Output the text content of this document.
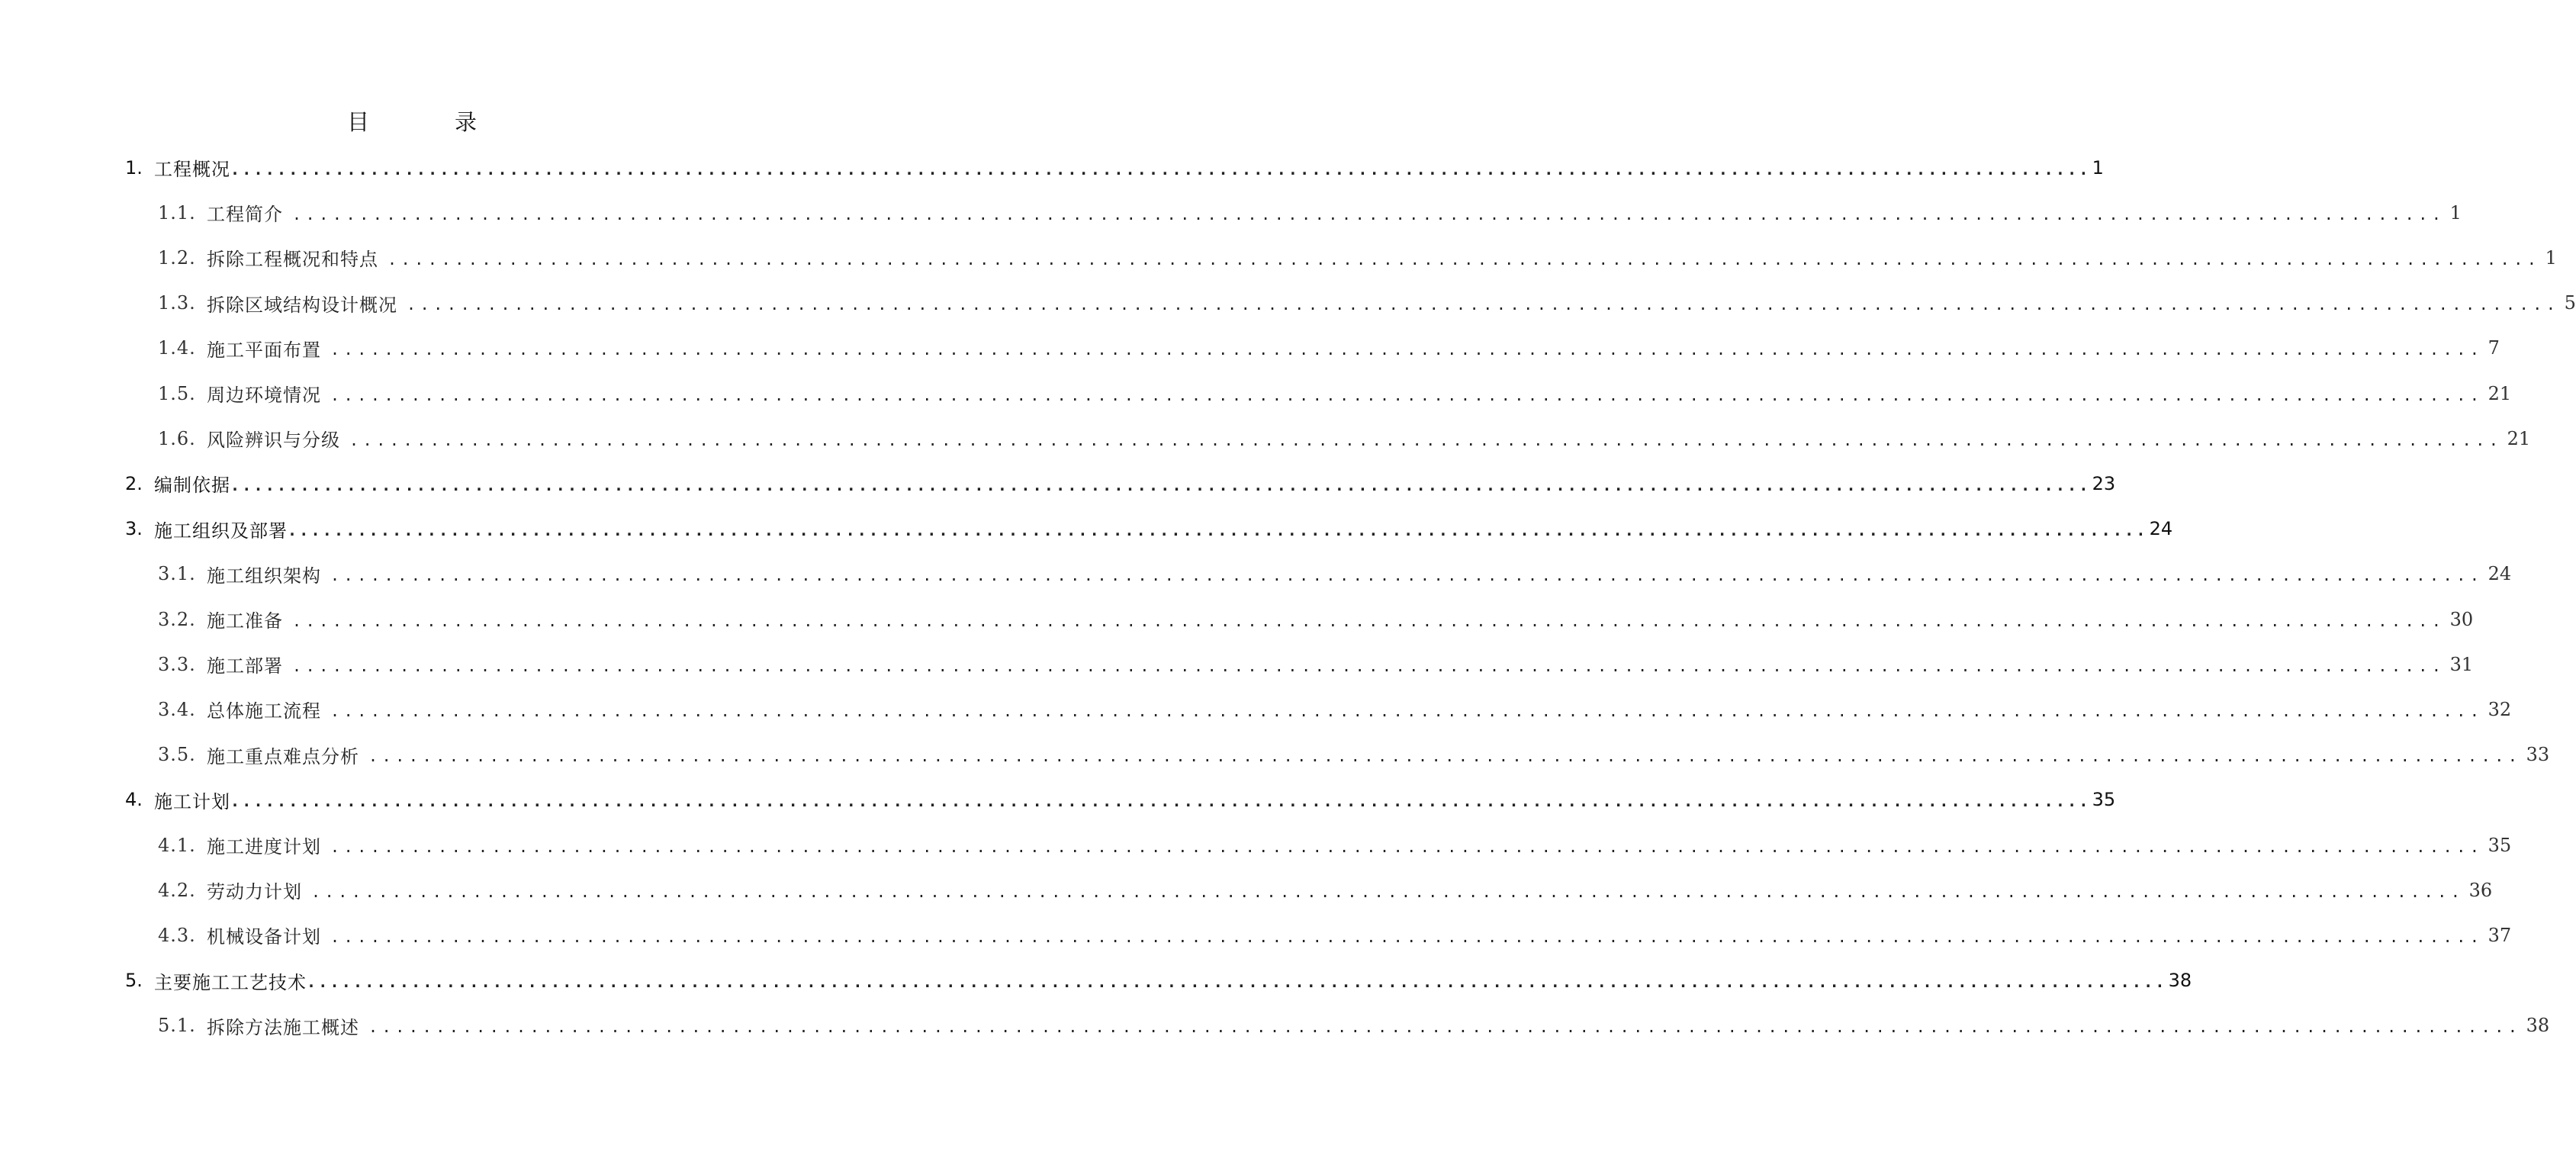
目	录
1. 工程概况 ................................................................................................................................................................ 1
1.1. 工程简介 ................................................................................................................................................................ 1
1.2. 拆除工程概况和特点 ................................................................................................................................................................ 1
1.3. 拆除区域结构设计概况 ................................................................................................................................................................ 5
1.4. 施工平面布置 ................................................................................................................................................................ 7
1.5. 周边环境情况 ................................................................................................................................................................ 21
1.6. 风险辨识与分级 ................................................................................................................................................................ 21
2. 编制依据 ................................................................................................................................................................ 23
3. 施工组织及部署 ................................................................................................................................................................ 24
3.1. 施工组织架构 ................................................................................................................................................................ 24
3.2. 施工准备 ................................................................................................................................................................ 30
3.3. 施工部署 ................................................................................................................................................................ 31
3.4. 总体施工流程 ................................................................................................................................................................ 32
3.5. 施工重点难点分析 ................................................................................................................................................................ 33
4. 施工计划 ................................................................................................................................................................ 35
4.1. 施工进度计划 ................................................................................................................................................................ 35
4.2. 劳动力计划 ................................................................................................................................................................ 36
4.3. 机械设备计划 ................................................................................................................................................................ 37
5. 主要施工工艺技术 ................................................................................................................................................................ 38
5.1. 拆除方法施工概述 ................................................................................................................................................................ 38
